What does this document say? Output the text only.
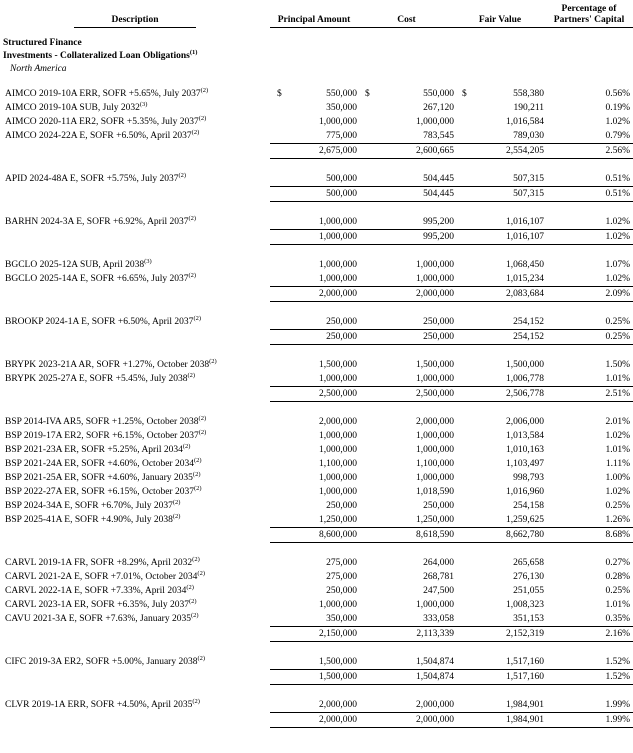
Description	Principal Amount	Cost	Fair Value
Percentage of
Partners' Capital
Structured Finance
Investments - Collateralized Loan Obligations$^{(1)}$
North America
AIMCO 2019-10A ERR, SOFR +5.65%, July 2037$^{(2)}$	$	550,000 $	550,000 $	558,380	0.56%
AIMCO 2019-10A SUB, July 2032$^{(3)}$	350,000	267,120	190,211	0.19%
AIMCO 2020-11A ER2, SOFR +5.35%, July 2037$^{(2)}$	1,000,000	1,000,000	1,016,584	1.02%
AIMCO 2024-22A E, SOFR +6.50%, April 2037$^{(2)}$	775,000	783,545	789,030	0.79%
2,675,000	2,600,665	2,554,205	2.56%
APID 2024-48A E, SOFR +5.75%, July 2037$^{(2)}$	500,000	504,445	507,315	0.51%
500,000	504,445	507,315	0.51%
BARHN 2024-3A E, SOFR +6.92%, April 2037$^{(2)}$	1,000,000	995,200	1,016,107	1.02%
1,000,000	995,200	1,016,107	1.02%
BGCLO 2025-12A SUB, April 2038$^{(3)}$	1,000,000	1,000,000	1,068,450	1.07%
BGCLO 2025-14A E, SOFR +6.65%, July 2037$^{(2)}$	1,000,000	1,000,000	1,015,234	1.02%
2,000,000	2,000,000	2,083,684	2.09%
BROOKP 2024-1A E, SOFR +6.50%, April 2037$^{(2)}$	250,000	250,000	254,152	0.25%
250,000	250,000	254,152	0.25%
BRYPK 2023-21A AR, SOFR +1.27%, October 2038$^{(2)}$	1,500,000	1,500,000	1,500,000	1.50%
BRYPK 2025-27A E, SOFR +5.45%, July 2038$^{(2)}$	1,000,000	1,000,000	1,006,778	1.01%
2,500,000	2,500,000	2,506,778	2.51%
BSP 2014-IVA AR5, SOFR +1.25%, October 2038$^{(2)}$	2,000,000	2,000,000	2,006,000	2.01%
BSP 2019-17A ER2, SOFR +6.15%, October 2037$^{(2)}$	1,000,000	1,000,000	1,013,584	1.02%
BSP 2021-23A ER, SOFR +5.25%, April 2034$^{(2)}$	1,000,000	1,000,000	1,010,163	1.01%
BSP 2021-24A ER, SOFR +4.60%, October 2034$^{(2)}$	1,100,000	1,100,000	1,103,497	1.11%
BSP 2021-25A ER, SOFR +4.60%, January 2035$^{(2)}$	1,000,000	1,000,000	998,793	1.00%
BSP 2022-27A ER, SOFR +6.15%, October 2037$^{(2)}$	1,000,000	1,018,590	1,016,960	1.02%
BSP 2024-34A E, SOFR +6.70%, July 2037$^{(2)}$	250,000	250,000	254,158	0.25%
BSP 2025-41A E, SOFR +4.90%, July 2038$^{(2)}$	1,250,000	1,250,000	1,259,625	1.26%
8,600,000	8,618,590	8,662,780	8.68%
CARVL 2019-1A FR, SOFR +8.29%, April 2032$^{(2)}$	275,000	264,000	265,658	0.27%
CARVL 2021-2A E, SOFR +7.01%, October 2034$^{(2)}$	275,000	268,781	276,130	0.28%
CARVL 2022-1A E, SOFR +7.33%, April 2034$^{(2)}$	250,000	247,500	251,055	0.25%
CARVL 2023-1A ER, SOFR +6.35%, July 2037$^{(2)}$	1,000,000	1,000,000	1,008,323	1.01%
CAVU 2021-3A E, SOFR +7.63%, January 2035$^{(2)}$	350,000	333,058	351,153	0.35%
2,150,000	2,113,339	2,152,319	2.16%
CIFC 2019-3A ER2, SOFR +5.00%, January 2038$^{(2)}$	1,500,000	1,504,874	1,517,160	1.52%
1,500,000	1,504,874	1,517,160	1.52%
CLVR 2019-1A ERR, SOFR +4.50%, April 2035$^{(2)}$	2,000,000	2,000,000	1,984,901	1.99%
2,000,000	2,000,000	1,984,901	1.99%
